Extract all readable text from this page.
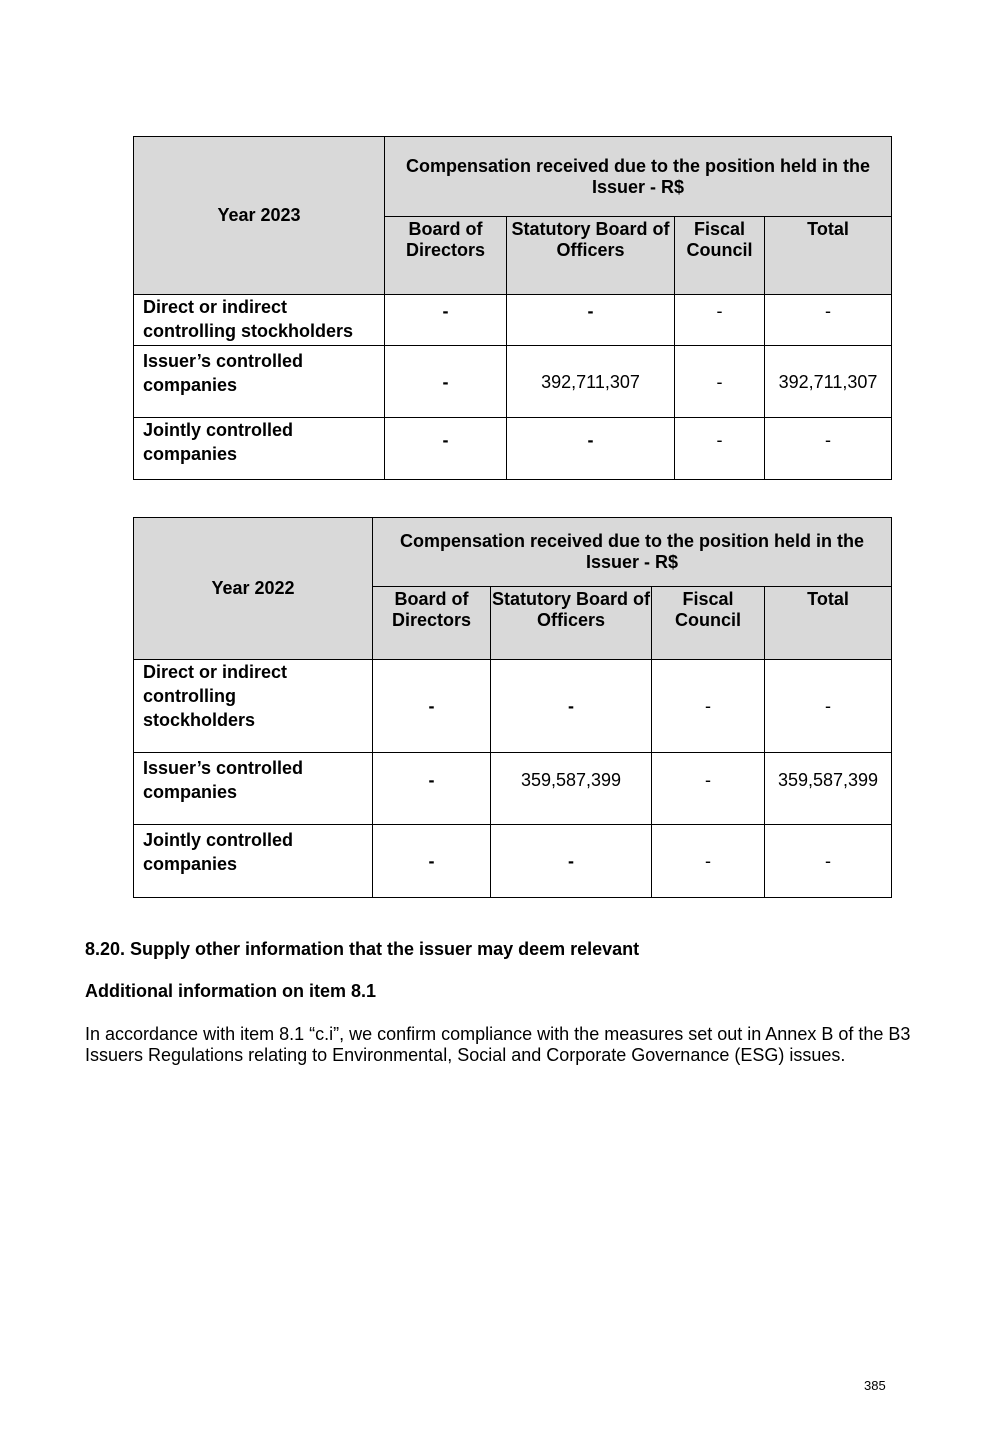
Year 2023	Compensation received due to the position held in the Issuer - R$			
	Board of Directors	Statutory Board of Officers	Fiscal Council	Total
Direct or indirect controlling stockholders	-	-	-	-
Issuer’s controlled companies	-	392,711,307	-	392,711,307
Jointly controlled companies	-	-	-	-
Year 2022	Compensation received due to the position held in the Issuer - R$			
	Board of Directors	Statutory Board of Officers	Fiscal Council	Total
Direct or indirect controlling stockholders	-	-	-	-
Issuer’s controlled companies	-	359,587,399	-	359,587,399
Jointly controlled companies	-	-	-	-
8.20. Supply other information that the issuer may deem relevant
Additional information on item 8.1
In accordance with item 8.1 “c.i”, we confirm compliance with the measures set out in Annex B of the B3 Issuers Regulations relating to Environmental, Social and Corporate Governance (ESG) issues.
385
